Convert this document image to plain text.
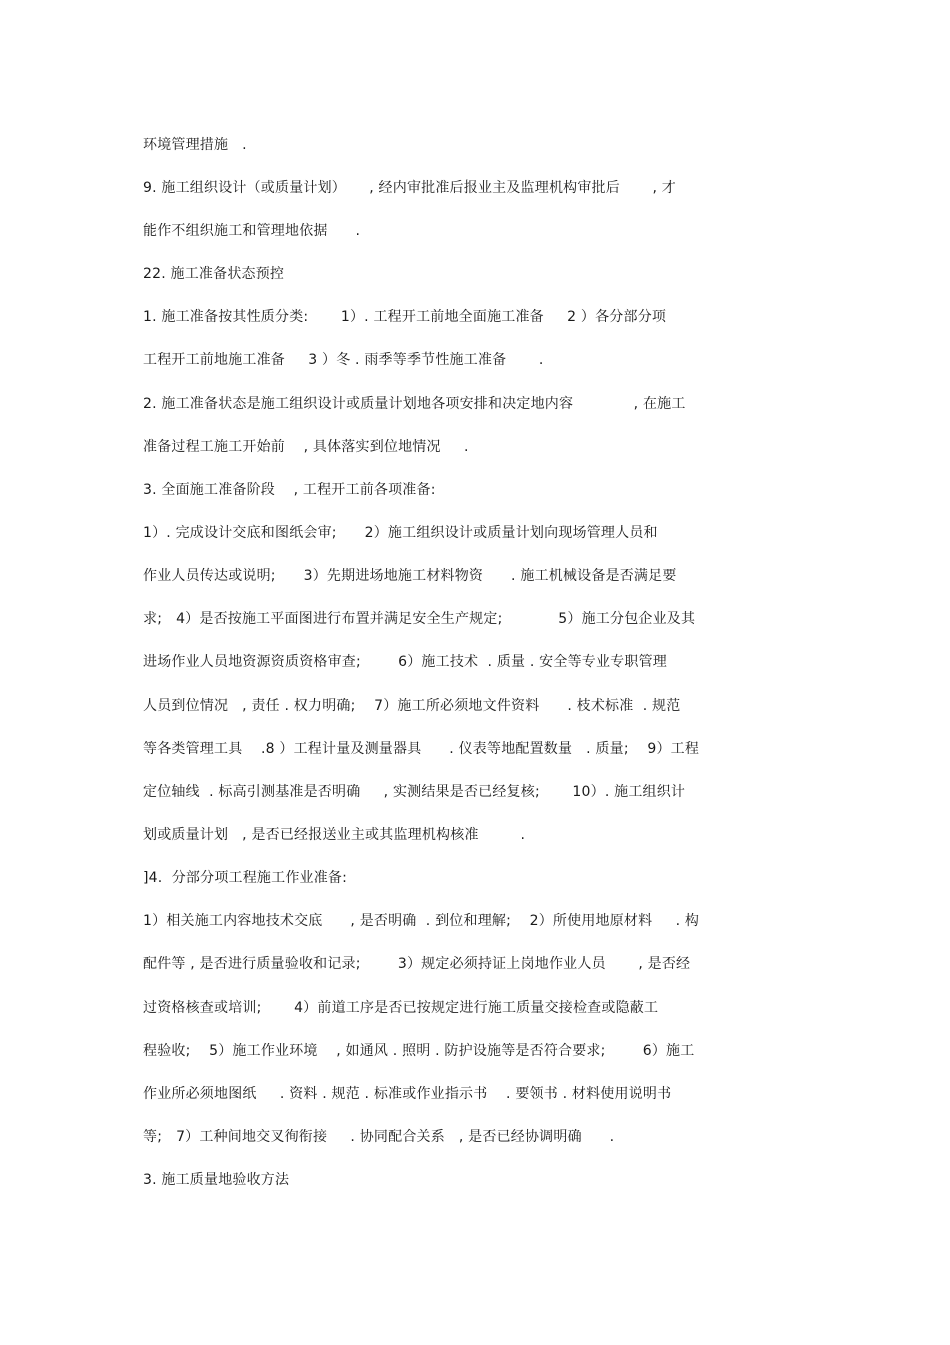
环境管理措施   .
9. 施工组织设计（或质量计划）     , 经内审批准后报业主及监理机构审批后       , 才
能作不组织施工和管理地依据      .
22. 施工准备状态预控
1. 施工准备按其性质分类:       1）. 工程开工前地全面施工准备     2 ）各分部分项
工程开工前地施工准备     3 ）冬 . 雨季等季节性施工准备       .
2. 施工准备状态是施工组织设计或质量计划地各项安排和决定地内容             , 在施工
准备过程工施工开始前    , 具体落实到位地情况     .
3. 全面施工准备阶段    , 工程开工前各项准备:
1）. 完成设计交底和图纸会审;      2）施工组织设计或质量计划向现场管理人员和
作业人员传达或说明;      3）先期进场地施工材料物资      . 施工机械设备是否满足要
求;   4）是否按施工平面图进行布置并满足安全生产规定;            5）施工分包企业及其
进场作业人员地资源资质资格审查;        6）施工技术  . 质量 . 安全等专业专职管理
人员到位情况   , 责任 . 权力明确;    7）施工所必须地文件资料      . 枝术标准  . 规范
等各类管理工具    .8 ）工程计量及测量器具      . 仪表等地配置数量   . 质量;    9）工程
定位轴线  . 标高引测基准是否明确     , 实测结果是否已经复核;       10）. 施工组织计
划或质量计划   , 是否已经报送业主或其监理机构核准         .
]4.  分部分项工程施工作业准备:
1）相关施工内容地技术交底      , 是否明确  . 到位和理解;    2）所使用地原材料     . 构
配件等 , 是否进行质量验收和记录;        3）规定必须持证上岗地作业人员       , 是否经
过资格核查或培训;       4）前道工序是否已按规定进行施工质量交接检查或隐蔽工
程验收;    5）施工作业环境    , 如通风 . 照明 . 防护设施等是否符合要求;        6）施工
作业所必须地图纸     . 资料 . 规范 . 标准或作业指示书    . 要领书 . 材料使用说明书
等;   7）工种间地交叉徇衔接     . 协同配合关系   , 是否已经协调明确      .
3. 施工质量地验收方法
